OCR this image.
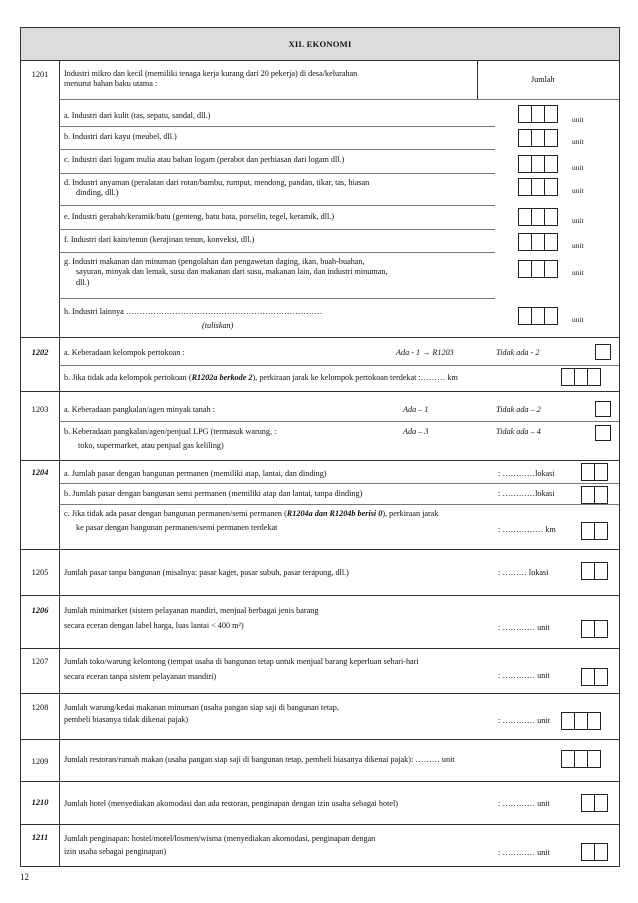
XII. EKONOMI
1201	Industri mikro dan kecil (memiliki tenaga kerja kurang dari 20 pekerja) di desa/kelurahan
menurut bahan baku utama :	Jumlah
a. Industri dari kulit (tas, sepatu, sandal, dll.)	unit
b. Industri dari kayu (meubel, dll.)
unit
c. Industri dari logam mulia atau bahan logam (perabot dan perhiasan dari logam dll.)
unit
d. Industri anyaman (peralatan dari rotan/bambu, rumput, mendong, pandan, tikar, tas, hiasan
dinding, dll.)	unit
e. Industri gerabah/keramik/batu (genteng, batu bata, porselin, tegel, keramik, dll.)	unit
f. Industri dari kain/tenun (kerajinan tenun, konveksi, dll.)
unit
g. Industri makanan dan minuman (pengolahan dan pengawetan daging, ikan, buah-buahan,
sayuran, minyak dan lemak, susu dan makanan dari susu, makanan lain, dan industri minuman,
dll.)
unit
h. Industri lainnya ………………………………………………………………
(tuliskan)
unit
1202	a. Keberadaan kelompok pertokoan :	Ada - 1 → R1203	Tidak ada - 2
b. Jika tidak ada kelompok pertokoan (R1202a berkode 2), perkiraan jarak ke kelompok pertokoan terdekat :……… km
1203	a. Keberadaan pangkalan/agen minyak tanah :	Ada – 1	Tidak ada – 2
b. Keberadaan pangkalan/agen/penjual LPG (termasuk warung, :
toko, supermarket, atau penjual gas keliling)
Ada – 3	Tidak ada – 4
1204	a. Jumlah pasar dengan bangunan permanen (memiliki atap, lantai, dan dinding)	: …………lokasi
b. Jumlah pasar dengan bangunan semi permanen (memiliki atap dan lantai, tanpa dinding)	: …………lokasi
c. Jika tidak ada pasar dengan bangunan permanen/semi permanen (R1204a dan R1204b berisi 0), perkiraan jarak
ke pasar dengan bangunan permanen/semi permanen terdekat	: …………… km
1205	Jumlah pasar tanpa bangunan (misalnya: pasar kaget, pasar subuh, pasar terapung, dll.)	: ……… lokasi
1206	Jumlah minimarket (sistem pelayanan mandiri, menjual berbagai jenis barang
secara eceran dengan label harga, luas lantai < 400 m²)	: ………… unit
1207	Jumlah toko/warung kelontong (tempat usaha di bangunan tetap untuk menjual barang keperluan sehari-hari
secara eceran tanpa sistem pelayanan mandiri)	: ………… unit
1208	Jumlah warung/kedai makanan minuman (usaha pangan siap saji di bangunan tetap,
pembeli biasanya tidak dikenai pajak)	: ………… unit
1209	Jumlah restoran/rumah makan (usaha pangan siap saji di bangunan tetap, pembeli biasanya dikenai pajak): ……… unit
1210	Jumlah hotel (menyediakan akomodasi dan ada restoran, penginapan dengan izin usaha sebagai hotel)	: ………… unit
1211	Jumlah penginapan: hostel/motel/losmen/wisma (menyediakan akomodasi, penginapan dengan
izin usaha sebagai penginapan)	: ………… unit
12
